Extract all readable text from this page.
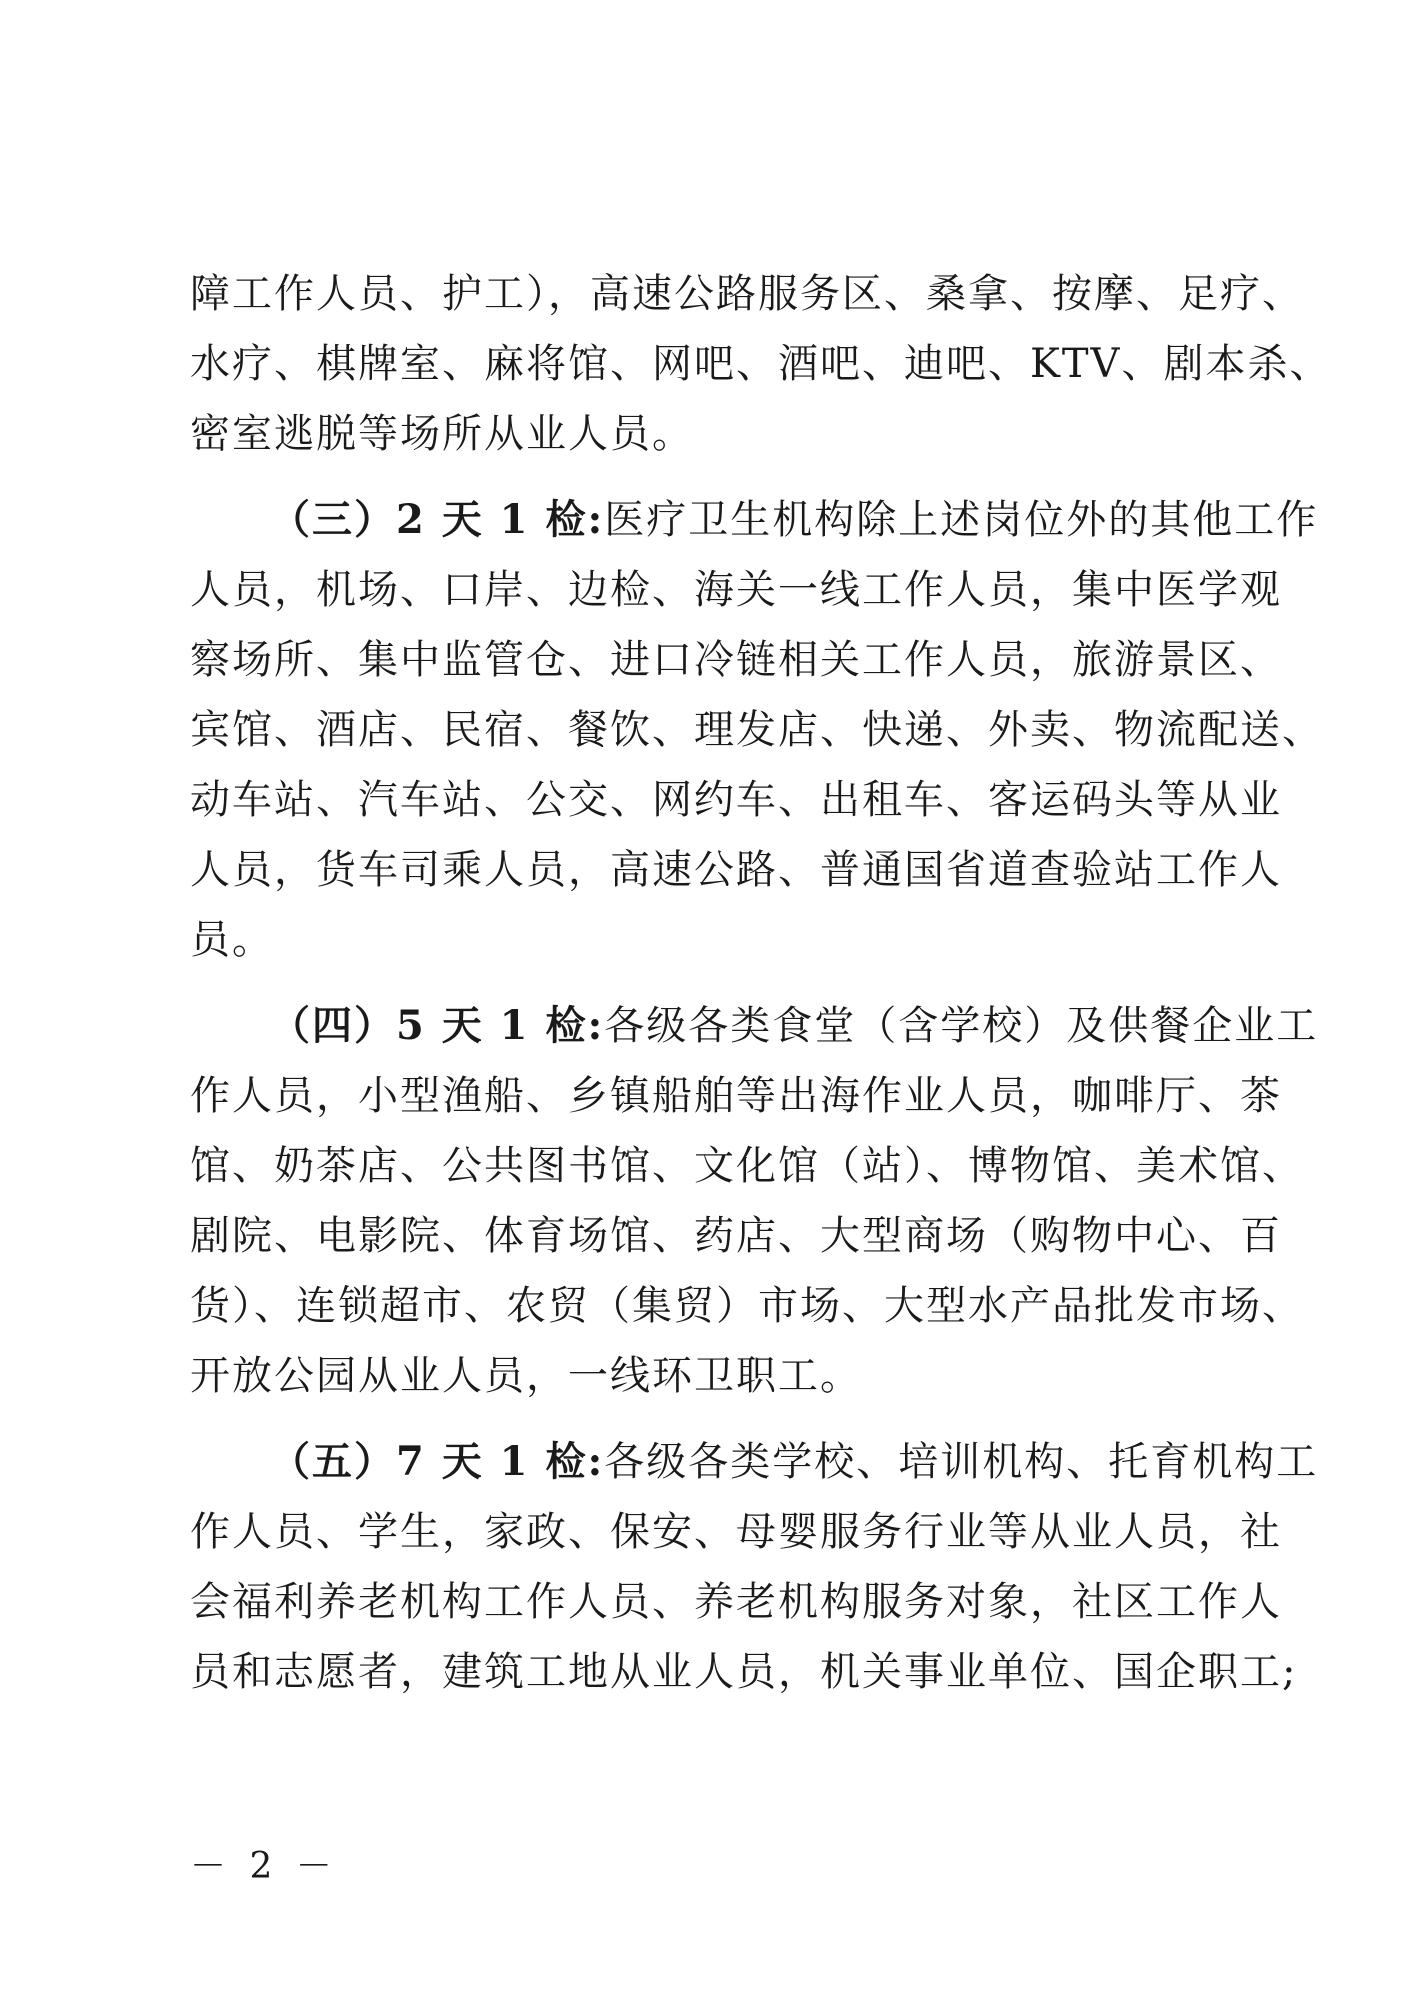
障工作人员、护工），高速公路服务区、桑拿、按摩、足疗、
水疗、棋牌室、麻将馆、网吧、酒吧、迪吧、KTV、剧本杀、
密室逃脱等场所从业人员。
（三）2 天 1 检:医疗卫生机构除上述岗位外的其他工作
人员，机场、口岸、边检、海关一线工作人员，集中医学观
察场所、集中监管仓、进口冷链相关工作人员，旅游景区、
宾馆、酒店、民宿、餐饮、理发店、快递、外卖、物流配送、
动车站、汽车站、公交、网约车、出租车、客运码头等从业
人员，货车司乘人员，高速公路、普通国省道查验站工作人
员。
（四）5 天 1 检:各级各类食堂（含学校）及供餐企业工
作人员，小型渔船、乡镇船舶等出海作业人员，咖啡厅、茶
馆、奶茶店、公共图书馆、文化馆（站）、博物馆、美术馆、
剧院、电影院、体育场馆、药店、大型商场（购物中心、百
货）、连锁超市、农贸（集贸）市场、大型水产品批发市场、
开放公园从业人员，一线环卫职工。
（五）7 天 1 检:各级各类学校、培训机构、托育机构工
作人员、学生，家政、保安、母婴服务行业等从业人员，社
会福利养老机构工作人员、养老机构服务对象，社区工作人
员和志愿者，建筑工地从业人员，机关事业单位、国企职工;
－ 2 －
